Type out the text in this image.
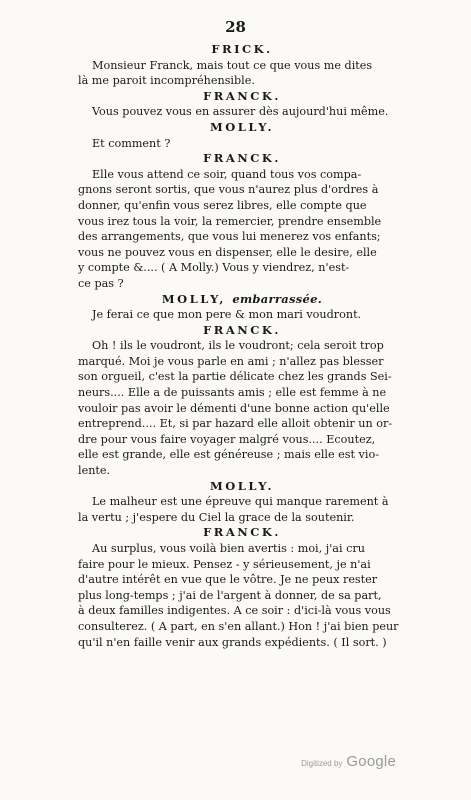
28

FRICK.

Monsieur Franck, mais tout ce que vous me dites
là me paroit incompréhensible.

FRANCK.

Vous pouvez vous en assurer dès aujourd'hui même.

MOLLY.

Et comment ?

FRANCK.

Elle vous attend ce soir, quand tous vos compa-
gnons seront sortis, que vous n'aurez plus d'ordres à
donner, qu'enfin vous serez libres, elle compte que
vous irez tous la voir, la remercier, prendre ensemble
des arrangements, que vous lui menerez vos enfants;
vous ne pouvez vous en dispenser, elle le desire, elle
y compte &.... ( A Molly.) Vous y viendrez, n'est-
ce pas ?

MOLLY, embarrassée.

Je ferai ce que mon pere & mon mari voudront.

FRANCK.

Oh ! ils le voudront, ils le voudront; cela seroit trop
marqué. Moi je vous parle en ami ; n'allez pas blesser
son orgueil, c'est la partie délicate chez les grands Sei-
neurs.... Elle a de puissants amis ; elle est femme à ne
vouloir pas avoir le démenti d'une bonne action qu'elle
entreprend.... Et, si par hazard elle alloit obtenir un or-
dre pour vous faire voyager malgré vous.... Ecoutez,
elle est grande, elle est généreuse ; mais elle est vio-
lente.

MOLLY.

Le malheur est une épreuve qui manque rarement à
la vertu ; j'espere du Ciel la grace de la soutenir.

FRANCK.

Au surplus, vous voilà bien avertis : moi, j'ai cru
faire pour le mieux. Pensez - y sérieusement, je n'ai
d'autre intérêt en vue que le vôtre. Je ne peux rester
plus long-temps ; j'ai de l'argent à donner, de sa part,
à deux familles indigentes. A ce soir : d'ici-là vous vous
consulterez. ( A part, en s'en allant.) Hon ! j'ai bien peur
qu'il n'en faille venir aux grands expédients. ( Il sort. )
Digitized by Google
